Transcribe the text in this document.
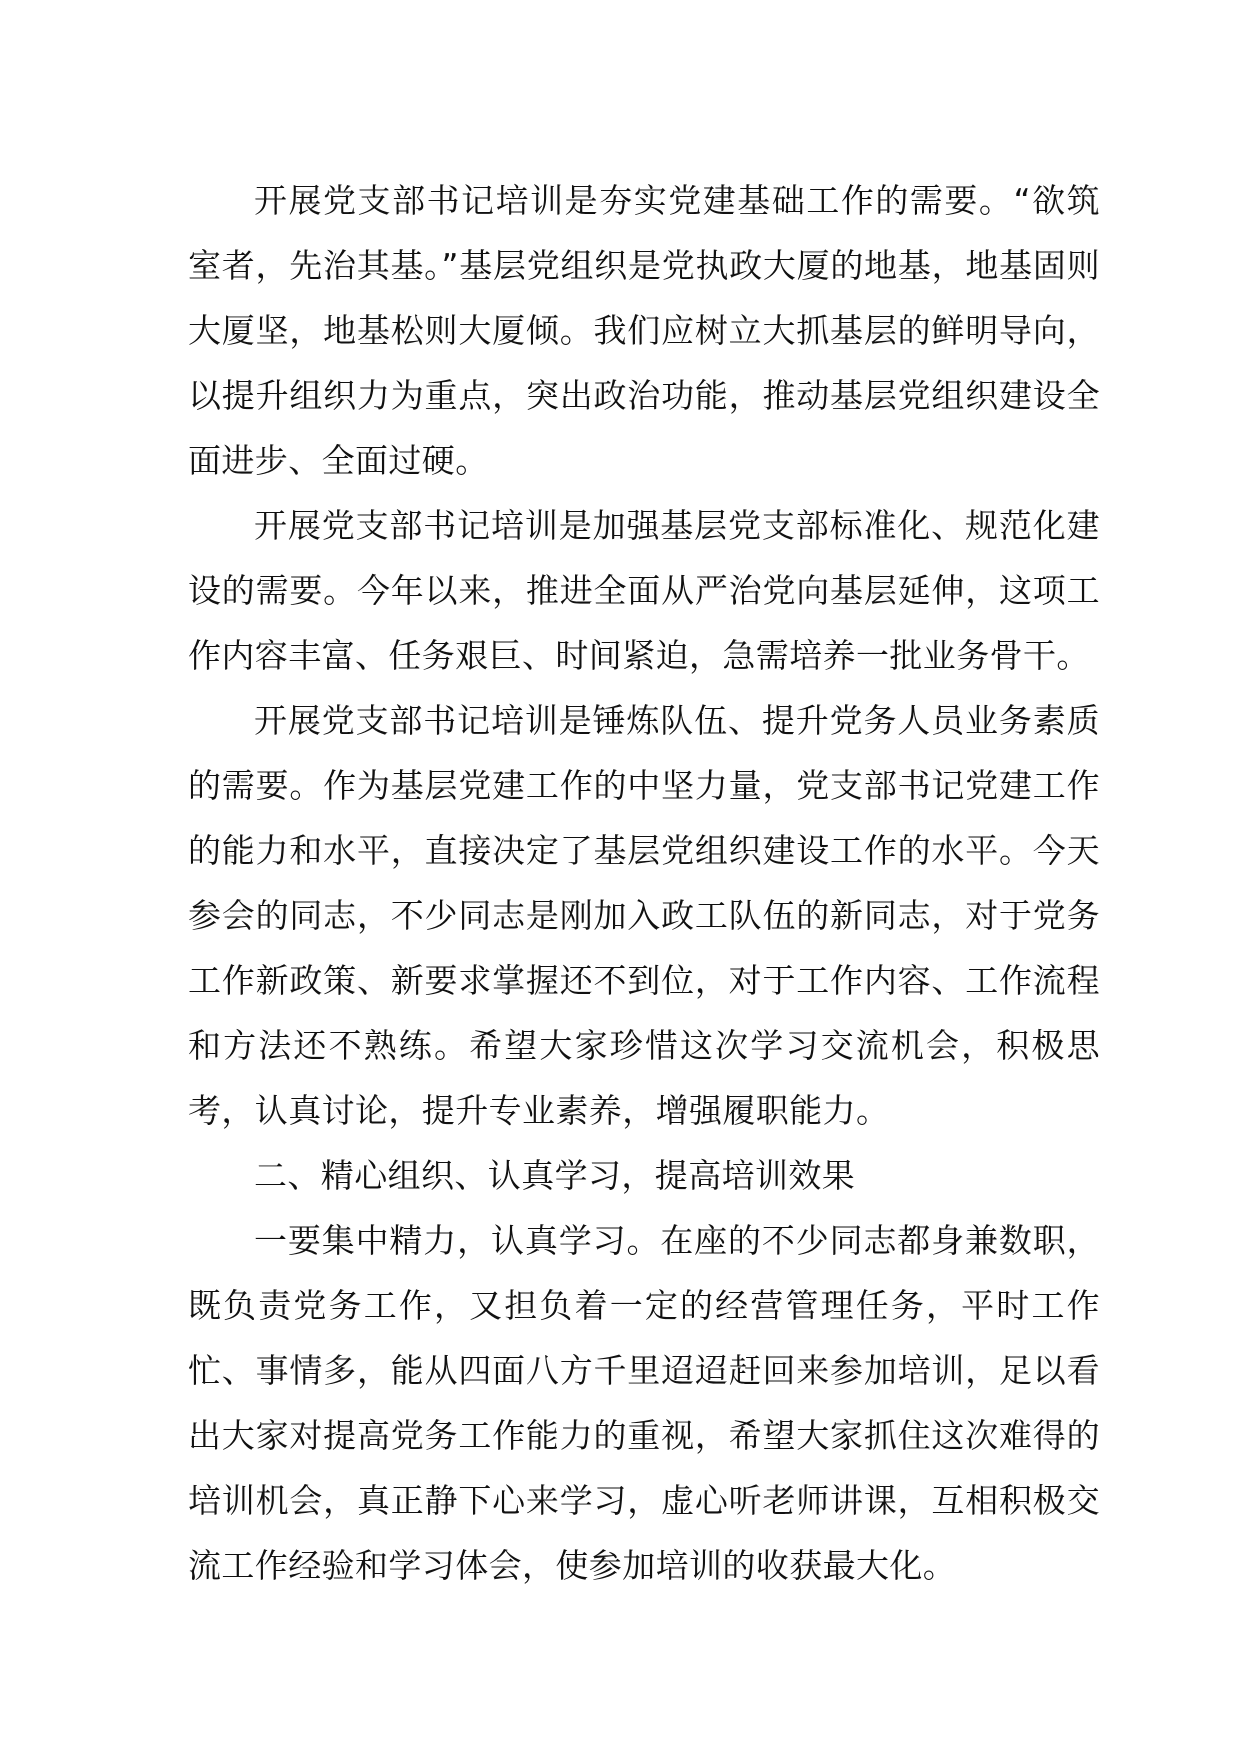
开展党支部书记培训是夯实党建基础工作的需要。“欲筑室者，先治其基。”基层党组织是党执政大厦的地基，地基固则大厦坚，地基松则大厦倾。我们应树立大抓基层的鲜明导向，以提升组织力为重点，突出政治功能，推动基层党组织建设全面进步、全面过硬。

开展党支部书记培训是加强基层党支部标准化、规范化建设的需要。今年以来，推进全面从严治党向基层延伸，这项工作内容丰富、任务艰巨、时间紧迫，急需培养一批业务骨干。

开展党支部书记培训是锤炼队伍、提升党务人员业务素质的需要。作为基层党建工作的中坚力量，党支部书记党建工作的能力和水平，直接决定了基层党组织建设工作的水平。今天参会的同志，不少同志是刚加入政工队伍的新同志，对于党务工作新政策、新要求掌握还不到位，对于工作内容、工作流程和方法还不熟练。希望大家珍惜这次学习交流机会，积极思考，认真讨论，提升专业素养，增强履职能力。

二、精心组织、认真学习，提高培训效果

一要集中精力，认真学习。在座的不少同志都身兼数职，既负责党务工作，又担负着一定的经营管理任务，平时工作忙、事情多，能从四面八方千里迢迢赶回来参加培训，足以看出大家对提高党务工作能力的重视，希望大家抓住这次难得的培训机会，真正静下心来学习，虚心听老师讲课，互相积极交流工作经验和学习体会，使参加培训的收获最大化。
